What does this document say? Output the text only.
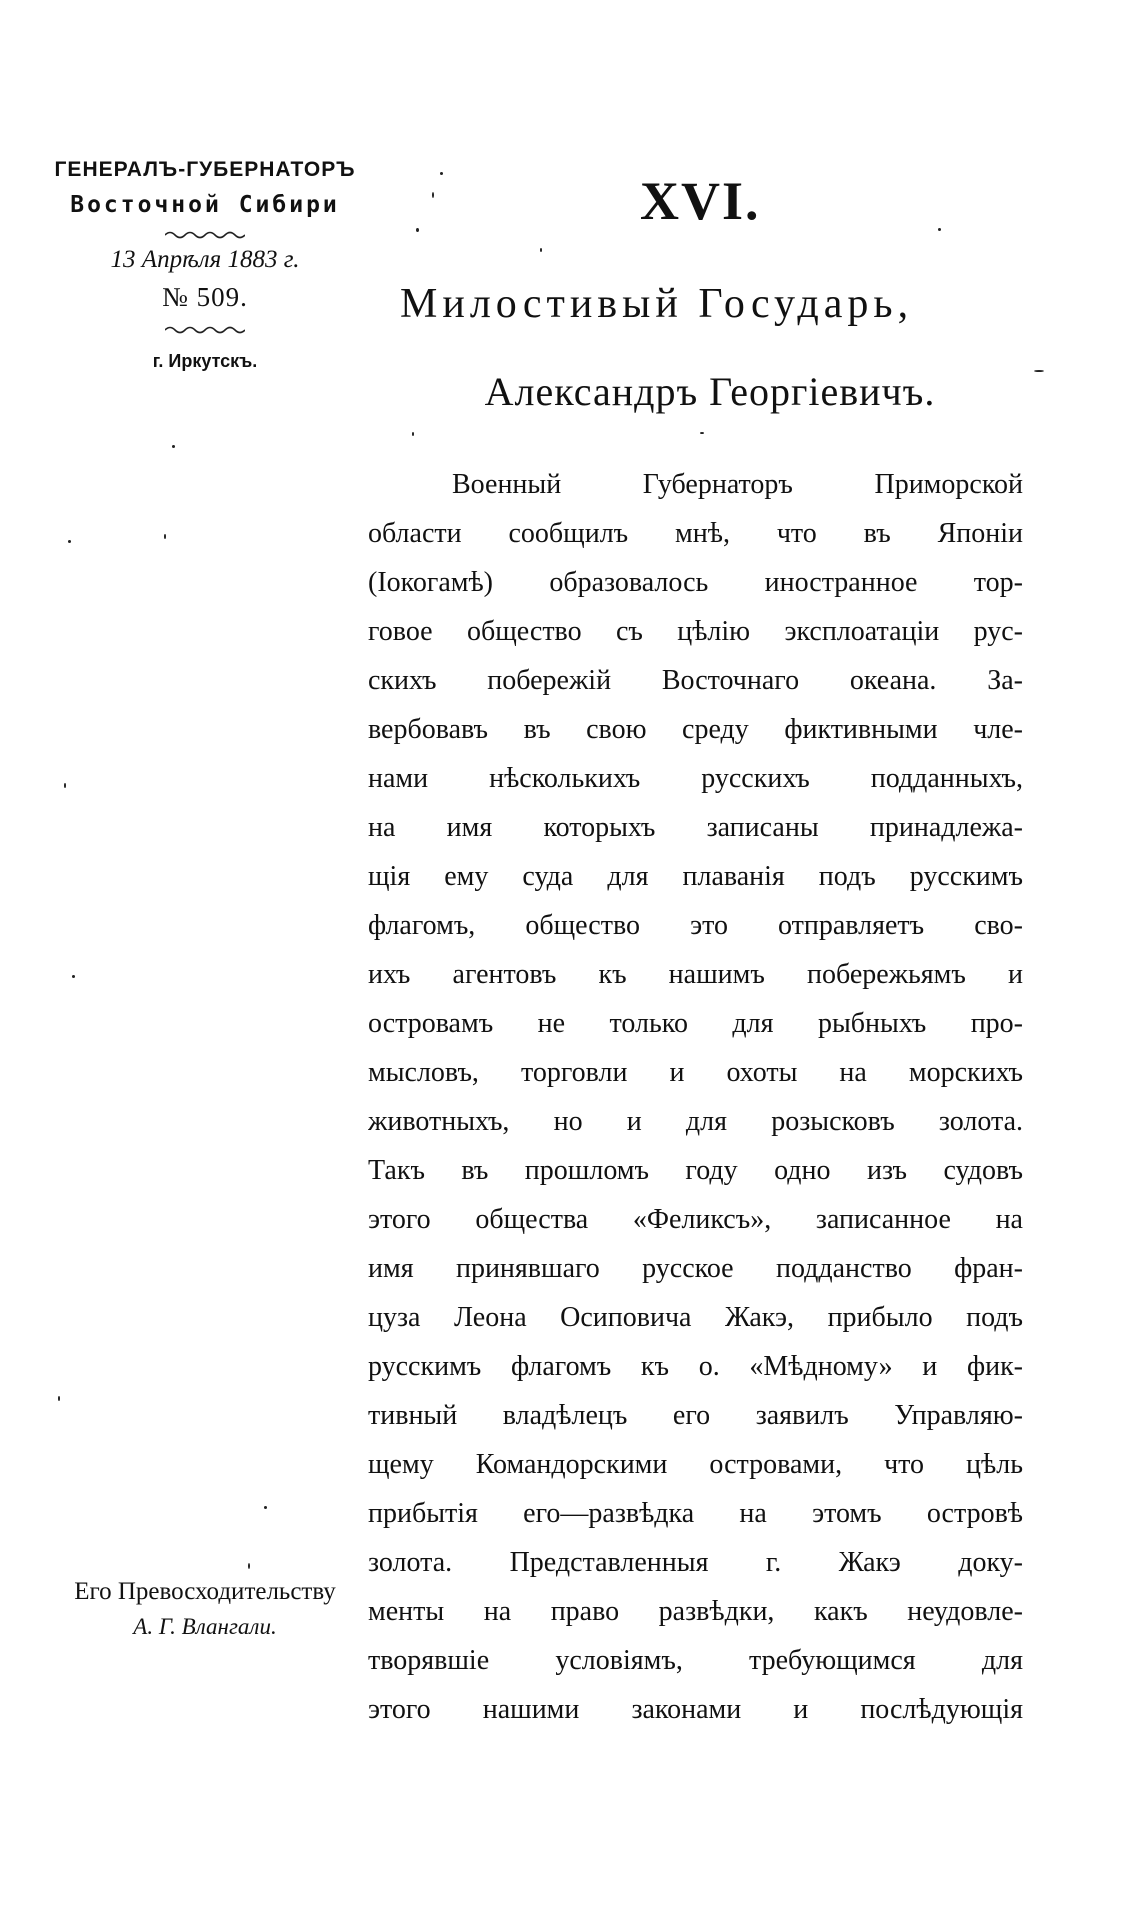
ГЕНЕРАЛЪ-ГУБЕРНАТОРЪ
Восточной Сибири
13 Апрѣля 1883 г.
№ 509.
г. Иркутскъ.
XVI.
Милостивый Государь,
Александръ Георгіевичъ.
Военный Губернаторъ Приморской
области сообщилъ мнѣ, что въ Японіи
(Іокогамѣ) образовалось иностранное тор-
говое общество съ цѣлію эксплоатаціи рус-
скихъ побережій Восточнаго океана. За-
вербовавъ въ свою среду фиктивными чле-
нами нѣсколькихъ русскихъ подданныхъ,
на имя которыхъ записаны принадлежа-
щія ему суда для плаванія подъ русскимъ
флагомъ, общество это отправляетъ сво-
ихъ агентовъ къ нашимъ побережьямъ и
островамъ не только для рыбныхъ про-
мысловъ, торговли и охоты на морскихъ
животныхъ, но и для розысковъ золота.
Такъ въ прошломъ году одно изъ судовъ
этого общества «Феликсъ», записанное на
имя принявшаго русское подданство фран-
цуза Леона Осиповича Жакэ, прибыло подъ
русскимъ флагомъ къ о. «Мѣдному» и фик-
тивный владѣлецъ его заявилъ Управляю-
щему Командорскими островами, что цѣль
прибытія его—развѣдка на этомъ островѣ
золота. Представленныя г. Жакэ доку-
менты на право развѣдки, какъ неудовле-
творявшіе условіямъ, требующимся для
этого нашими законами и послѣдующія
Его Превосходительству
А. Г. Влангали.
